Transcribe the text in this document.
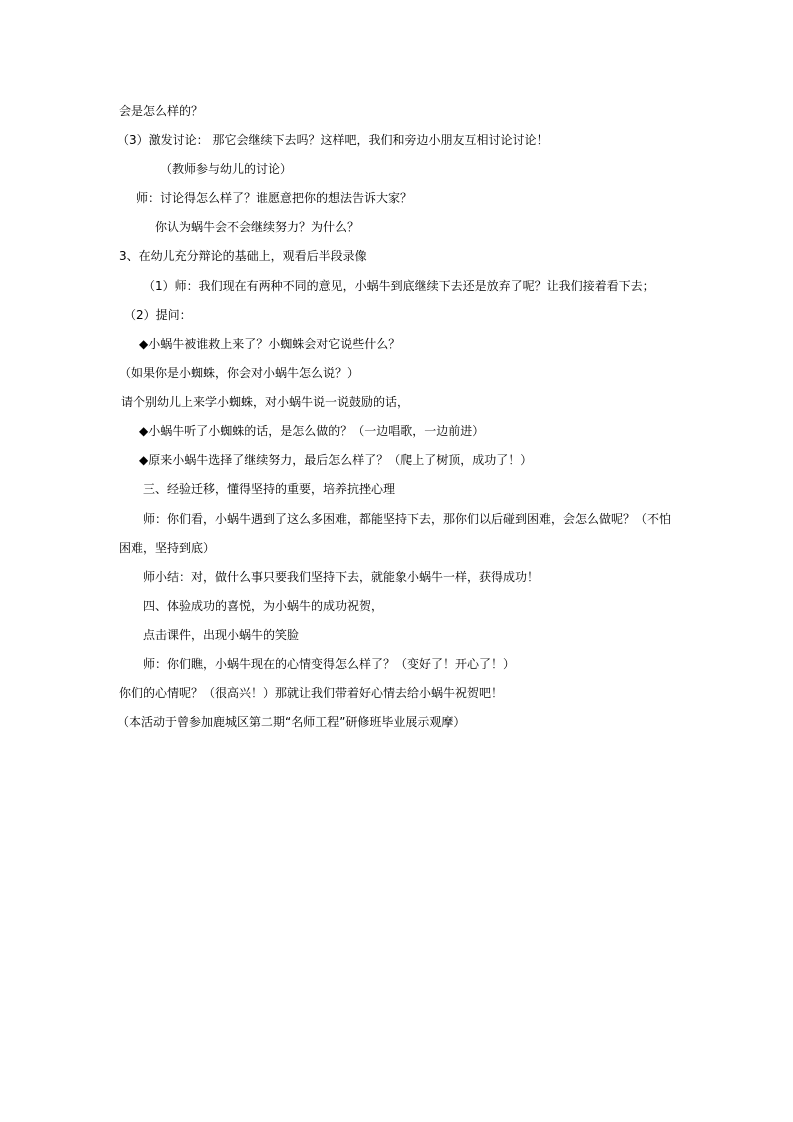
会是怎么样的？
（3）激发讨论： 那它会继续下去吗？这样吧，我们和旁边小朋友互相讨论讨论！
（教师参与幼儿的讨论）
师：讨论得怎么样了？谁愿意把你的想法告诉大家？
你认为蜗牛会不会继续努力？为什么？
3、在幼儿充分辩论的基础上，观看后半段录像
（1）师：我们现在有两种不同的意见，小蜗牛到底继续下去还是放弃了呢？让我们接着看下去；
（2）提问：
◆小蜗牛被谁救上来了？小蜘蛛会对它说些什么？
（如果你是小蜘蛛，你会对小蜗牛怎么说？）
请个别幼儿上来学小蜘蛛，对小蜗牛说一说鼓励的话，
◆小蜗牛听了小蜘蛛的话，是怎么做的？（一边唱歌，一边前进）
◆原来小蜗牛选择了继续努力，最后怎么样了？（爬上了树顶，成功了！）
三、经验迁移，懂得坚持的重要，培养抗挫心理
师：你们看，小蜗牛遇到了这么多困难，都能坚持下去，那你们以后碰到困难，会怎么做呢？（不怕
困难，坚持到底）
师小结：对，做什么事只要我们坚持下去，就能象小蜗牛一样，获得成功！
四、体验成功的喜悦，为小蜗牛的成功祝贺，
点击课件，出现小蜗牛的笑脸
师：你们瞧，小蜗牛现在的心情变得怎么样了？（变好了！开心了！）
你们的心情呢？（很高兴！）那就让我们带着好心情去给小蜗牛祝贺吧！
（本活动于曾参加鹿城区第二期“名师工程”研修班毕业展示观摩）
